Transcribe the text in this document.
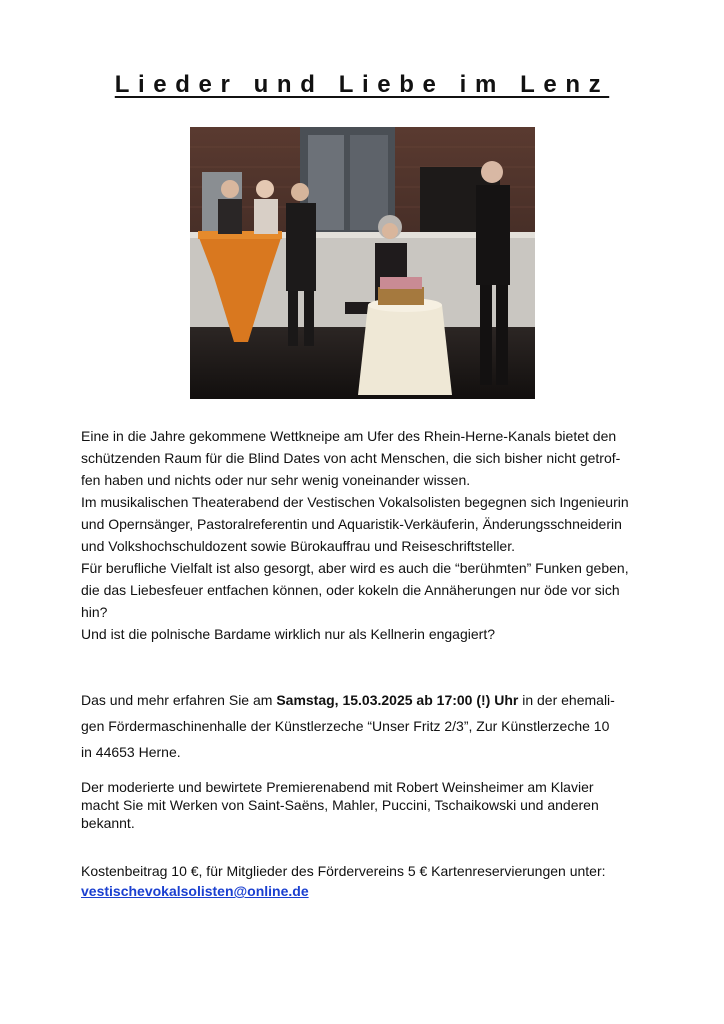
Lieder und Liebe im Lenz
Eine in die Jahre gekommene Wettkneipe am Ufer des Rhein-Herne-Kanals bietet den
schützenden Raum für die Blind Dates von acht Menschen, die sich bisher nicht getrof-
fen haben und nichts oder nur sehr wenig voneinander wissen.
Im musikalischen Theaterabend der Vestischen Vokalsolisten begegnen sich Ingenieurin
und Opernsänger, Pastoralreferentin und Aquaristik-Verkäuferin, Änderungsschneiderin
und Volkshochschuldozent sowie Bürokauffrau und Reiseschriftsteller.
Für berufliche Vielfalt ist also gesorgt, aber wird es auch die “berühmten” Funken geben,
die das Liebesfeuer entfachen können, oder kokeln die Annäherungen nur öde vor sich
hin?
Und ist die polnische Bardame wirklich nur als Kellnerin engagiert?
Das und mehr erfahren Sie am Samstag, 15.03.2025 ab 17:00 (!) Uhr in der ehemali-
gen Fördermaschinenhalle der Künstlerzeche “Unser Fritz 2/3”, Zur Künstlerzeche 10
in 44653 Herne.
Der moderierte und bewirtete Premierenabend mit Robert Weinsheimer am Klavier
macht Sie mit Werken von Saint-Saëns, Mahler, Puccini, Tschaikowski und anderen
bekannt.
Kostenbeitrag 10 €, für Mitglieder des Fördervereins 5 € Kartenreservierungen unter:
vestischevokalsolisten@online.de
